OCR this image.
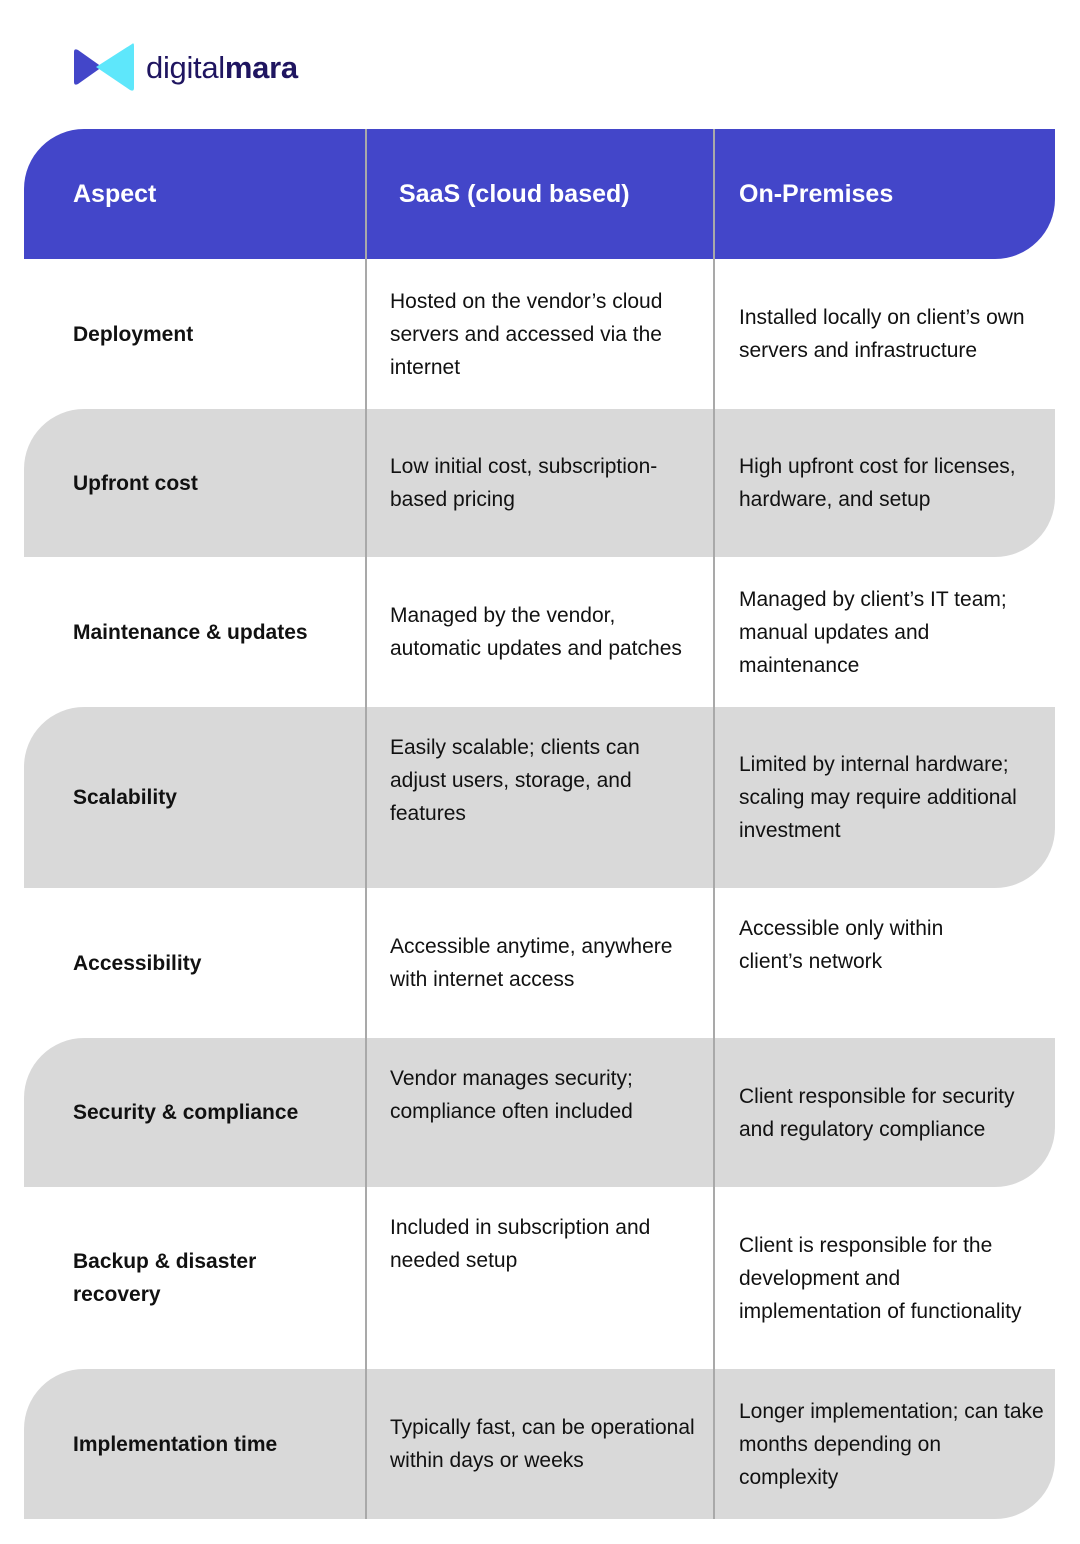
digitalmara
Aspect	SaaS (cloud based)	On-Premises
Deployment
Hosted on the vendor’s cloud servers and accessed via the internet
Installed locally on client’s own servers and infrastructure
Upfront cost
Low initial cost, subscription-based pricing
High upfront cost for licenses, hardware, and setup
Maintenance & updates
Managed by the vendor, automatic updates and patches
Managed by client’s IT team; manual updates and maintenance
Scalability
Easily scalable; clients can adjust users, storage, and features
Limited by internal hardware; scaling may require additional investment
Accessibility
Accessible anytime, anywhere with internet access
Accessible only within client’s network
Security & compliance
Vendor manages security; compliance often included
Client responsible for security and regulatory compliance
Backup & disaster recovery
Included in subscription and needed setup
Client is responsible for the development and implementation of functionality
Implementation time
Typically fast, can be operational within days or weeks
Longer implementation; can take months depending on complexity
